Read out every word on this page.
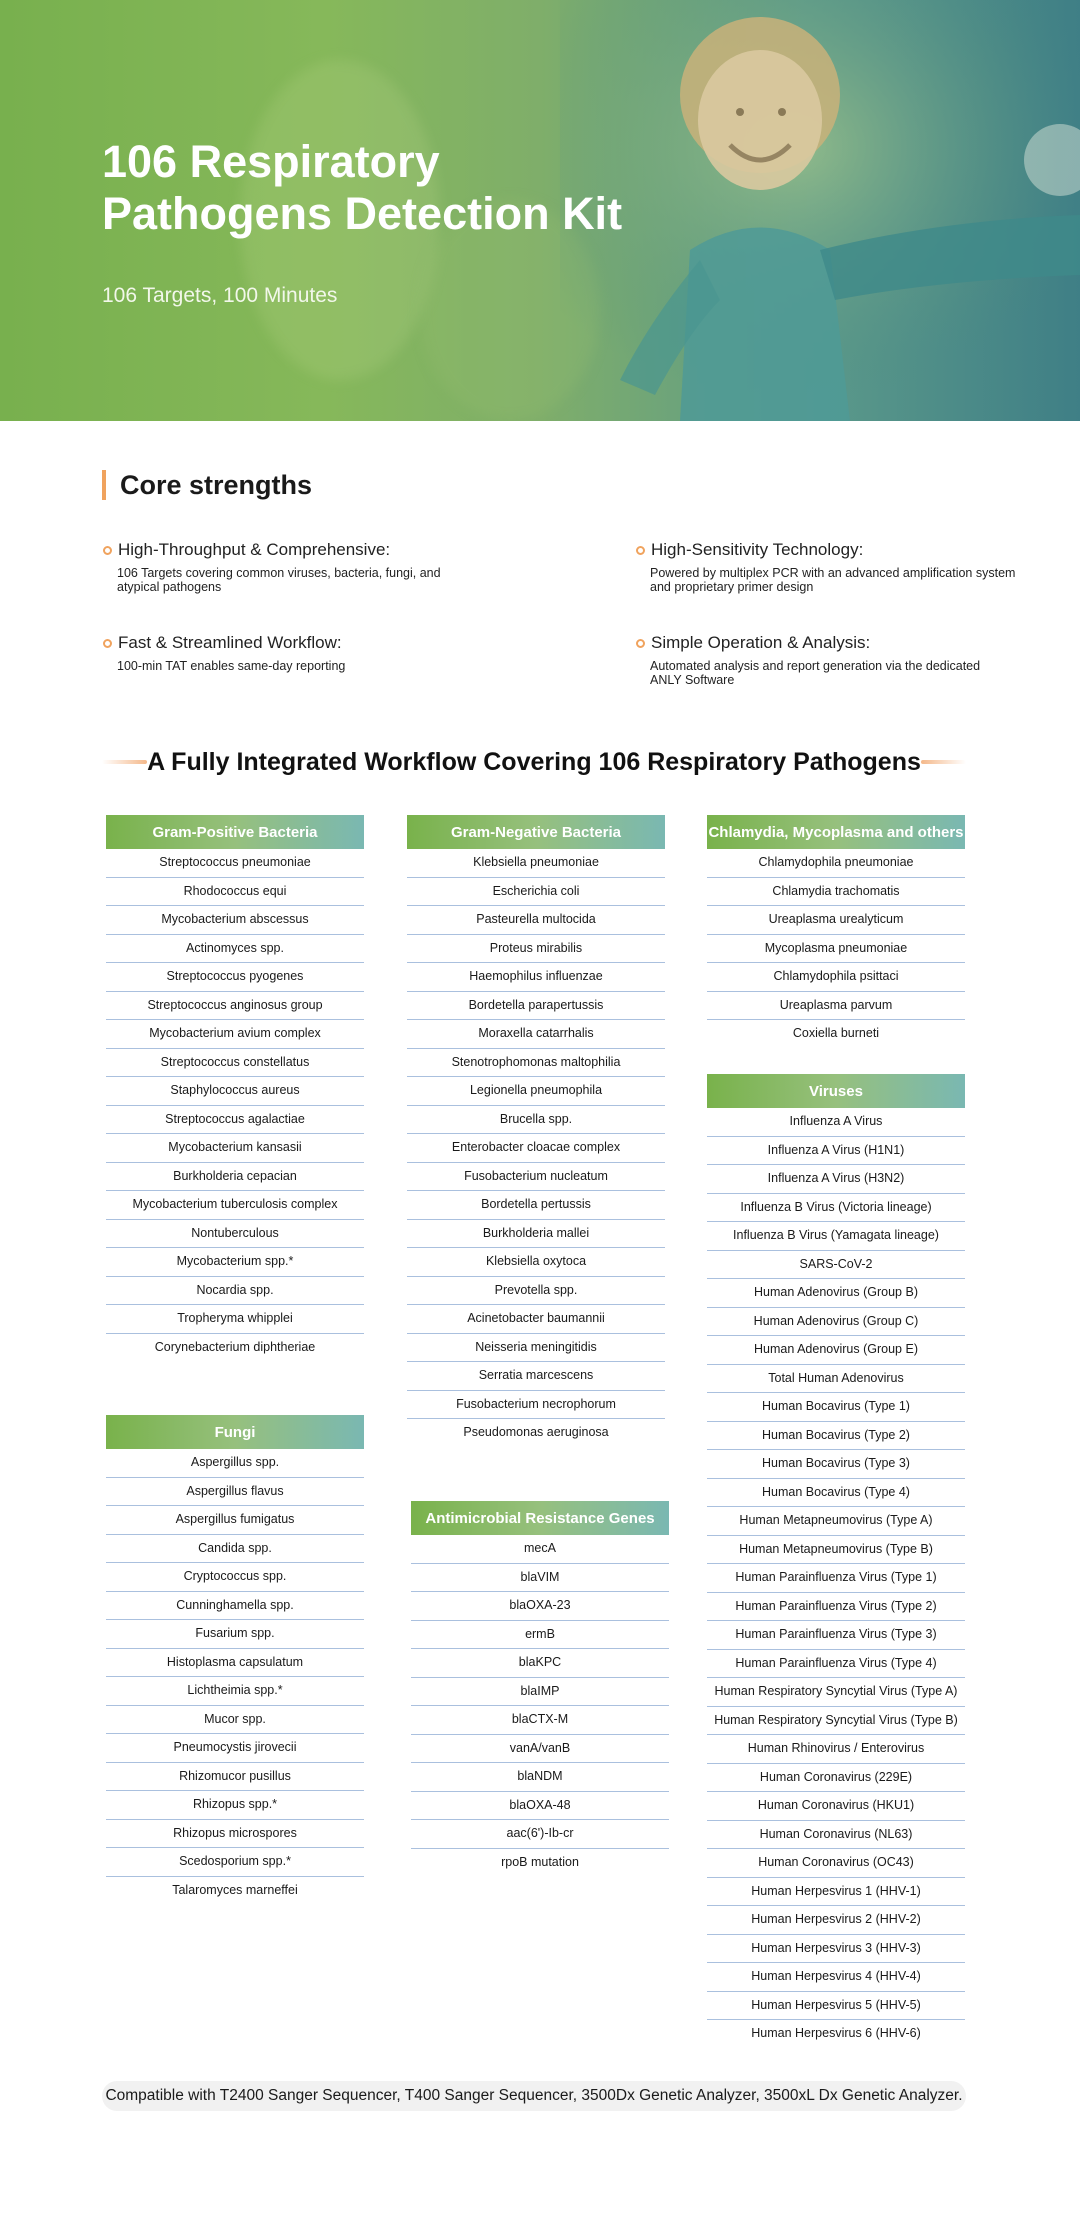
106 Respiratory
Pathogens Detection Kit
106 Targets, 100 Minutes
Core strengths
High-Throughput & Comprehensive:
106 Targets covering common viruses, bacteria, fungi, and atypical pathogens
High-Sensitivity Technology:
Powered by multiplex PCR with an advanced amplification system and proprietary primer design
Fast & Streamlined Workflow:
100-min TAT enables same-day reporting
Simple Operation & Analysis:
Automated analysis and report generation via the dedicated ANLY Software
A Fully Integrated Workflow Covering 106 Respiratory Pathogens
Gram-Positive Bacteria
Streptococcus pneumoniae
Rhodococcus equi
Mycobacterium abscessus
Actinomyces spp.
Streptococcus pyogenes
Streptococcus anginosus group
Mycobacterium avium complex
Streptococcus constellatus
Staphylococcus aureus
Streptococcus agalactiae
Mycobacterium kansasii
Burkholderia cepacian
Mycobacterium tuberculosis complex
Nontuberculous
Mycobacterium spp.*
Nocardia spp.
Tropheryma whipplei
Corynebacterium diphtheriae
Fungi
Aspergillus spp.
Aspergillus flavus
Aspergillus fumigatus
Candida spp.
Cryptococcus spp.
Cunninghamella spp.
Fusarium spp.
Histoplasma capsulatum
Lichtheimia spp.*
Mucor spp.
Pneumocystis jirovecii
Rhizomucor pusillus
Rhizopus spp.*
Rhizopus microspores
Scedosporium spp.*
Talaromyces marneffei
Gram-Negative Bacteria
Klebsiella pneumoniae
Escherichia coli
Pasteurella multocida
Proteus mirabilis
Haemophilus influenzae
Bordetella parapertussis
Moraxella catarrhalis
Stenotrophomonas maltophilia
Legionella pneumophila
Brucella spp.
Enterobacter cloacae complex
Fusobacterium nucleatum
Bordetella pertussis
Burkholderia mallei
Klebsiella oxytoca
Prevotella spp.
Acinetobacter baumannii
Neisseria meningitidis
Serratia marcescens
Fusobacterium necrophorum
Pseudomonas aeruginosa
Antimicrobial Resistance Genes
mecA
blaVIM
blaOXA-23
ermB
blaKPC
blaIMP
blaCTX-M
vanA/vanB
blaNDM
blaOXA-48
aac(6')-Ib-cr
rpoB mutation
Chlamydia, Mycoplasma and others
Chlamydophila pneumoniae
Chlamydia trachomatis
Ureaplasma urealyticum
Mycoplasma pneumoniae
Chlamydophila psittaci
Ureaplasma parvum
Coxiella burneti
Viruses
Influenza A Virus
Influenza A Virus (H1N1)
Influenza A Virus (H3N2)
Influenza B Virus (Victoria lineage)
Influenza B Virus (Yamagata lineage)
SARS-CoV-2
Human Adenovirus (Group B)
Human Adenovirus (Group C)
Human Adenovirus (Group E)
Total Human Adenovirus
Human Bocavirus (Type 1)
Human Bocavirus (Type 2)
Human Bocavirus (Type 3)
Human Bocavirus (Type 4)
Human Metapneumovirus (Type A)
Human Metapneumovirus (Type B)
Human Parainfluenza Virus (Type 1)
Human Parainfluenza Virus (Type 2)
Human Parainfluenza Virus (Type 3)
Human Parainfluenza Virus (Type 4)
Human Respiratory Syncytial Virus (Type A)
Human Respiratory Syncytial Virus (Type B)
Human Rhinovirus / Enterovirus
Human Coronavirus (229E)
Human Coronavirus (HKU1)
Human Coronavirus (NL63)
Human Coronavirus (OC43)
Human Herpesvirus 1 (HHV-1)
Human Herpesvirus 2 (HHV-2)
Human Herpesvirus 3 (HHV-3)
Human Herpesvirus 4 (HHV-4)
Human Herpesvirus 5 (HHV-5)
Human Herpesvirus 6 (HHV-6)
Compatible with T2400 Sanger Sequencer, T400 Sanger Sequencer, 3500Dx Genetic Analyzer, 3500xL Dx Genetic Analyzer.
